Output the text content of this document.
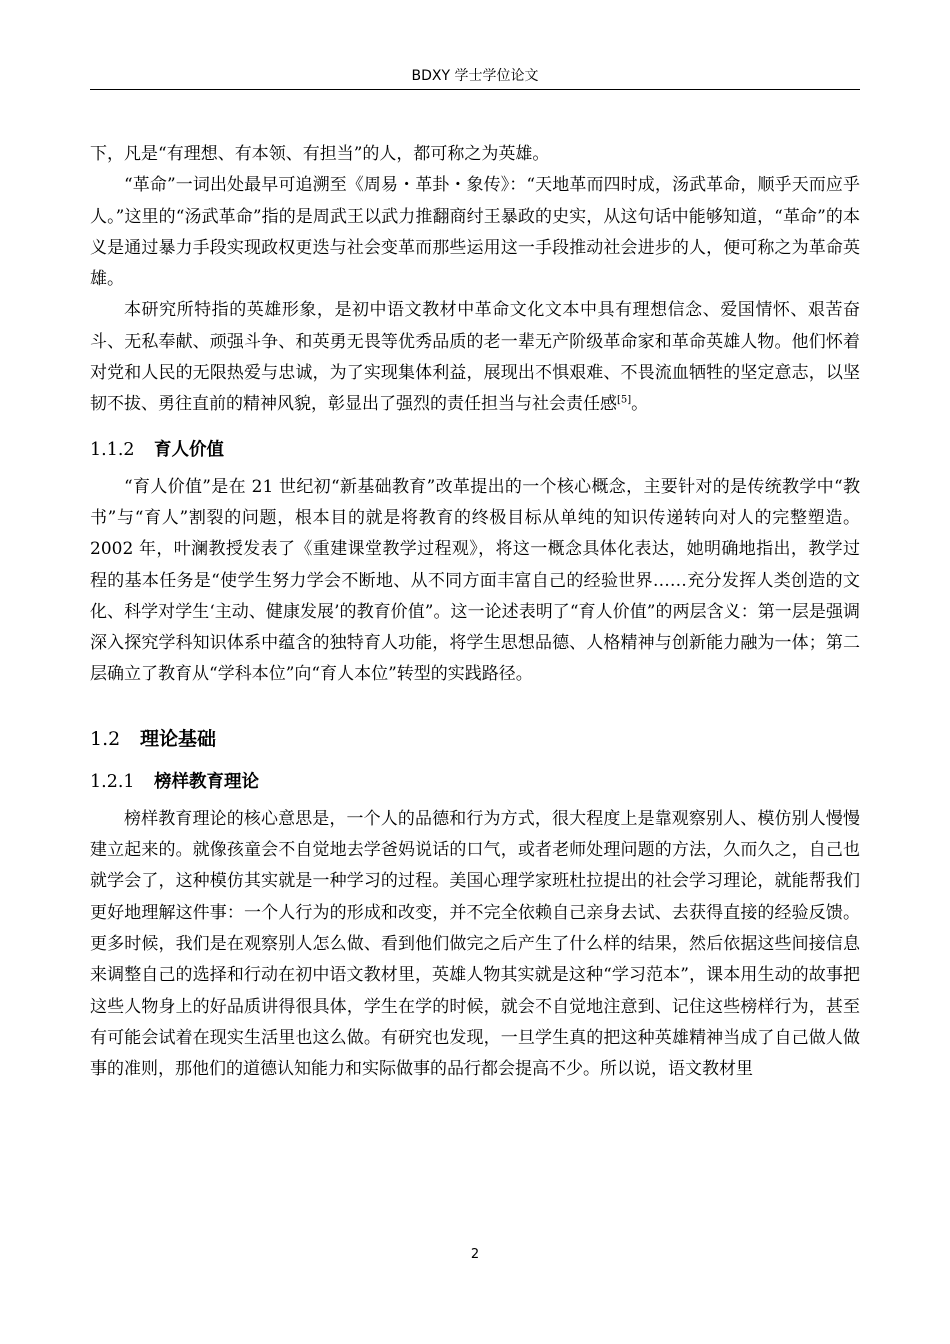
BDXY 学士学位论文

下，凡是“有理想、有本领、有担当”的人，都可称之为英雄。

“革命”一词出处最早可追溯至《周易・革卦・象传》：“天地革而四时成，汤武革命，顺乎天而应乎人。”这里的“汤武革命”指的是周武王以武力推翻商纣王暴政的史实，从这句话中能够知道，“革命”的本义是通过暴力手段实现政权更迭与社会变革而那些运用这一手段推动社会进步的人，便可称之为革命英雄。

本研究所特指的英雄形象，是初中语文教材中革命文化文本中具有理想信念、爱国情怀、艰苦奋斗、无私奉献、顽强斗争、和英勇无畏等优秀品质的老一辈无产阶级革命家和革命英雄人物。他们怀着对党和人民的无限热爱与忠诚，为了实现集体利益，展现出不惧艰难、不畏流血牺牲的坚定意志，以坚韧不拔、勇往直前的精神风貌，彰显出了强烈的责任担当与社会责任感[5]。

1.1.2	育人价值

“育人价值”是在 21 世纪初“新基础教育”改革提出的一个核心概念，主要针对的是传统教学中“教书”与“育人”割裂的问题，根本目的就是将教育的终极目标从单纯的知识传递转向对人的完整塑造。2002 年，叶澜教授发表了《重建课堂教学过程观》，将这一概念具体化表达，她明确地指出，教学过程的基本任务是“使学生努力学会不断地、从不同方面丰富自己的经验世界……充分发挥人类创造的文化、科学对学生‘主动、健康发展’的教育价值”。这一论述表明了“育人价值”的两层含义：第一层是强调深入探究学科知识体系中蕴含的独特育人功能，将学生思想品德、人格精神与创新能力融为一体；第二层确立了教育从“学科本位”向“育人本位”转型的实践路径。

1.2	理论基础
1.2.1	榜样教育理论

榜样教育理论的核心意思是，一个人的品德和行为方式，很大程度上是靠观察别人、模仿别人慢慢建立起来的。就像孩童会不自觉地去学爸妈说话的口气，或者老师处理问题的方法，久而久之，自己也就学会了，这种模仿其实就是一种学习的过程。美国心理学家班杜拉提出的社会学习理论，就能帮我们更好地理解这件事：一个人行为的形成和改变，并不完全依赖自己亲身去试、去获得直接的经验反馈。更多时候，我们是在观察别人怎么做、看到他们做完之后产生了什么样的结果，然后依据这些间接信息来调整自己的选择和行动在初中语文教材里，英雄人物其实就是这种“学习范本”，课本用生动的故事把这些人物身上的好品质讲得很具体，学生在学的时候，就会不自觉地注意到、记住这些榜样行为，甚至有可能会试着在现实生活里也这么做。有研究也发现，一旦学生真的把这种英雄精神当成了自己做人做事的准则，那他们的道德认知能力和实际做事的品行都会提高不少。所以说，语文教材里

2
